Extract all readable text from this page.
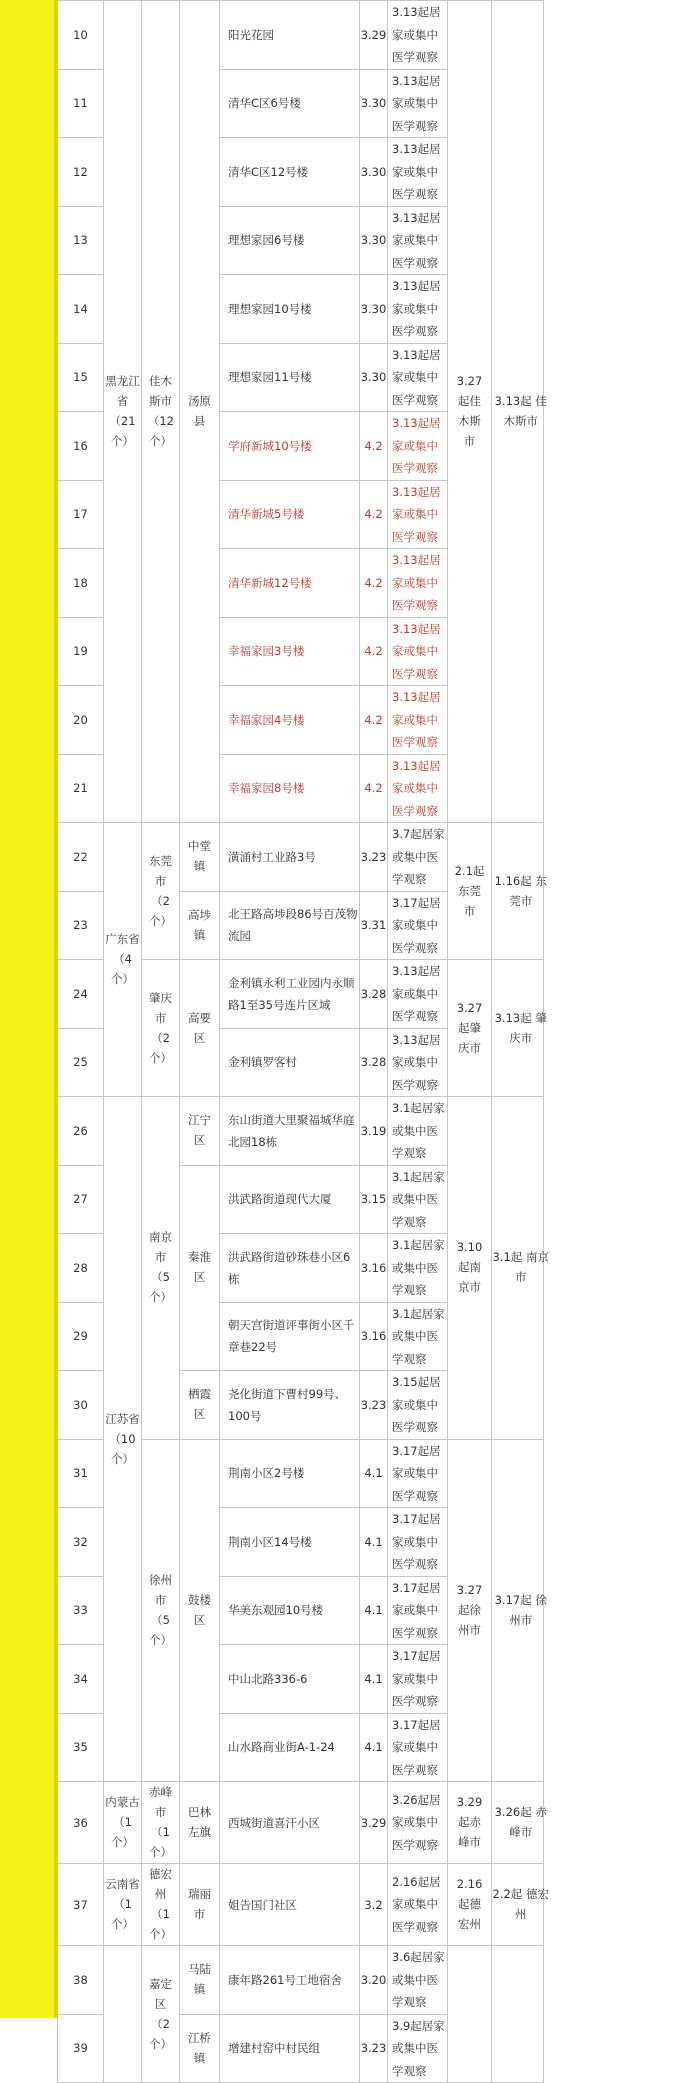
10	黑龙江省（21个）	佳木斯市（12个）	汤原县	阳光花园	3.29	3.13起居家或集中医学观察	3.27起佳木斯市	3.13起 佳木斯市
11				清华C区6号楼	3.30	3.13起居家或集中医学观察		
12				清华C区12号楼	3.30	3.13起居家或集中医学观察		
13				理想家园6号楼	3.30	3.13起居家或集中医学观察		
14				理想家园10号楼	3.30	3.13起居家或集中医学观察		
15				理想家园11号楼	3.30	3.13起居家或集中医学观察		
16				学府新城10号楼	4.2	3.13起居家或集中医学观察		
17				清华新城5号楼	4.2	3.13起居家或集中医学观察		
18				清华新城12号楼	4.2	3.13起居家或集中医学观察		
19				幸福家园3号楼	4.2	3.13起居家或集中医学观察		
20				幸福家园4号楼	4.2	3.13起居家或集中医学观察		
21				幸福家园8号楼	4.2	3.13起居家或集中医学观察		
22	广东省（4个）	东莞市（2个）	中堂镇	潢涌村工业路3号	3.23	3.7起居家或集中医学观察	2.1起东莞市	1.16起 东莞市
23			高埗镇	北王路高埗段86号百茂物流园	3.31	3.17起居家或集中医学观察		
24		肇庆市（2个）	高要区	金利镇永利工业园内永顺路1至35号连片区域	3.28	3.13起居家或集中医学观察	3.27起肇庆市	3.13起 肇庆市
25				金利镇罗客村	3.28	3.13起居家或集中医学观察		
26	江苏省（10个）	南京市（5个）	江宁区	东山街道大里聚福城华庭北园18栋	3.19	3.1起居家或集中医学观察	3.10起南京市	3.1起 南京市
27			秦淮区	洪武路街道现代大厦	3.15	3.1起居家或集中医学观察		
28				洪武路街道砂珠巷小区6栋	3.16	3.1起居家或集中医学观察		
29				朝天宫街道评事街小区千章巷22号	3.16	3.1起居家或集中医学观察		
30			栖霞区	尧化街道下曹村99号、100号	3.23	3.15起居家或集中医学观察		
31		徐州市（5个）	鼓楼区	荆南小区2号楼	4.1	3.17起居家或集中医学观察	3.27起徐州市	3.17起 徐州市
32				荆南小区14号楼	4.1	3.17起居家或集中医学观察		
33				华美东观园10号楼	4.1	3.17起居家或集中医学观察		
34				中山北路336-6	4.1	3.17起居家或集中医学观察		
35				山水路商业街A-1-24	4.1	3.17起居家或集中医学观察		
36	内蒙古（1个）	赤峰市（1个）	巴林左旗	西城街道喜汗小区	3.29	3.26起居家或集中医学观察	3.29起赤峰市	3.26起 赤峰市
37	云南省（1个）	德宏州（1个）	瑞丽市	姐告国门社区	3.2	2.16起居家或集中医学观察	2.16起德宏州	2.2起 德宏州
38		嘉定区（2个）	马陆镇	康年路261号工地宿舍	3.20	3.6起居家或集中医学观察		
39			江桥镇	增建村窑中村民组	3.23	3.9起居家或集中医学观察		
